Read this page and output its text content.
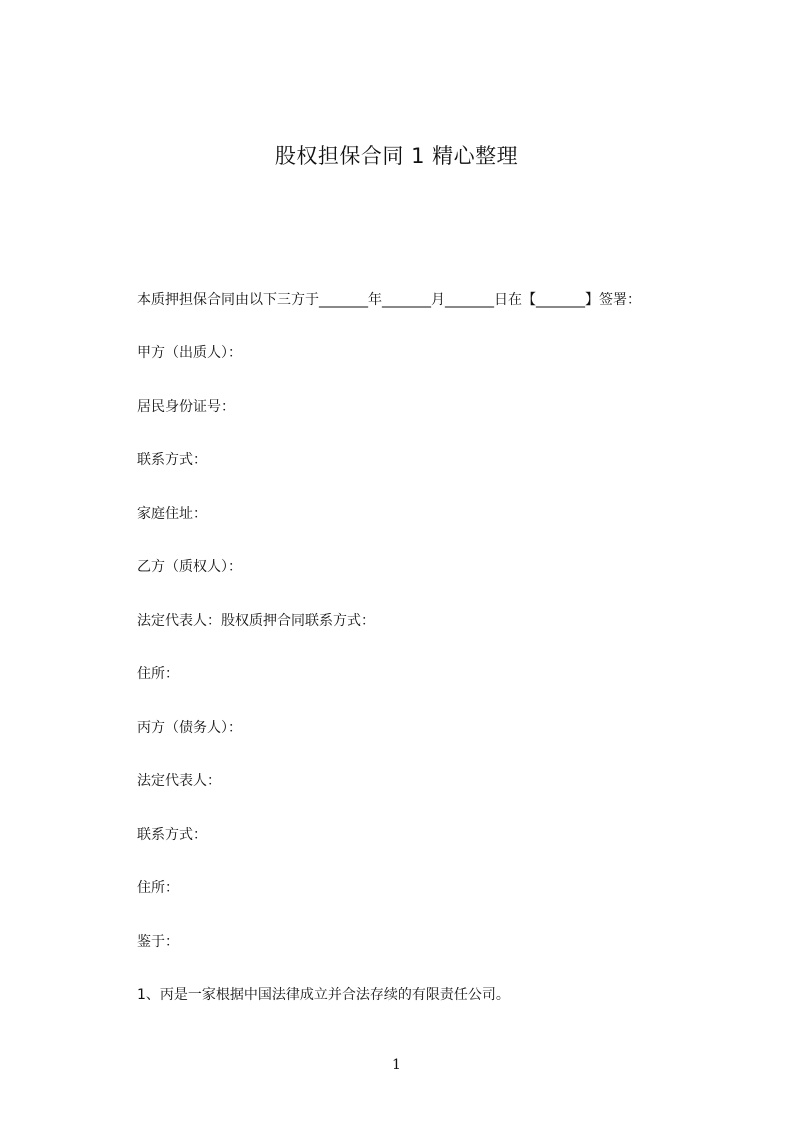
股权担保合同 1 精心整理
本质押担保合同由以下三方于_______年_______月_______日在【_______】签署：
甲方（出质人）：
居民身份证号：
联系方式：
家庭住址：
乙方（质权人）：
法定代表人：股权质押合同联系方式：
住所：
丙方（债务人）：
法定代表人：
联系方式：
住所：
鉴于：
1、丙是一家根据中国法律成立并合法存续的有限责任公司。
1
